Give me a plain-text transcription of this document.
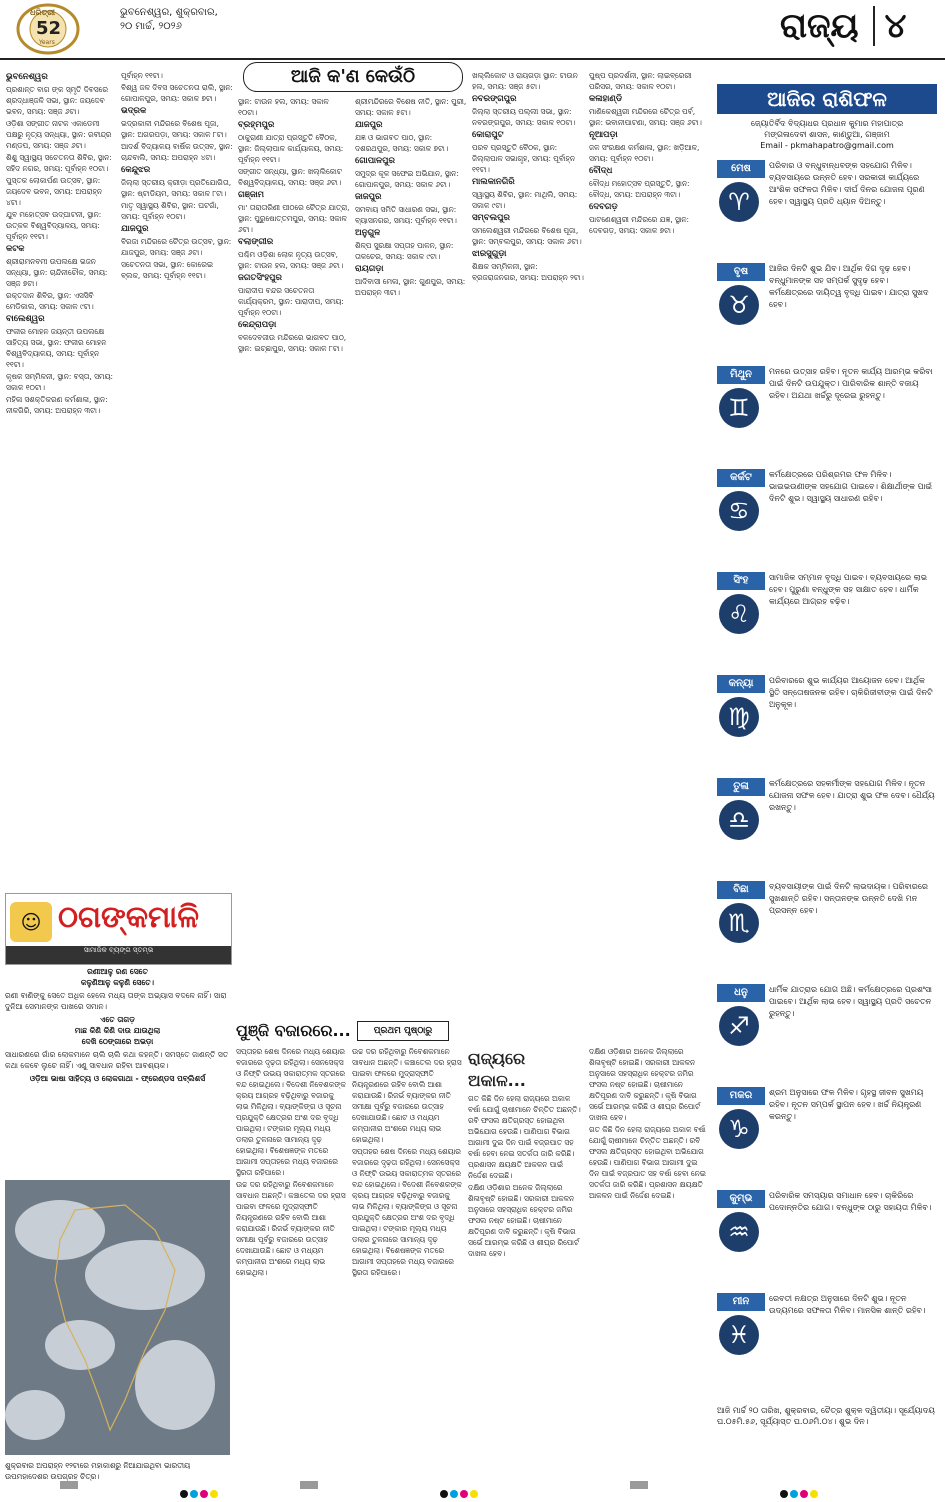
ଧରିତ୍ରୀ
52
Years
ଭୁବନେଶ୍ୱର, ଶୁକ୍ରବାର,
୨୦ ମାର୍ଚ୍ଚ, ୨୦୨୬	ରାଜ୍ୟ ୪
ଆଜି କ'ଣ କେଉଁଠି

ଭୁବନେଶ୍ୱର

ପ୍ରଶାନ୍ତ ବାଗ ଙ୍କ ସ୍ମୃତି ଦିବସରେ ଶ୍ରଦ୍ଧାଞ୍ଜଳି ସଭା, ସ୍ଥାନ: ଜୟଦେବ ଭବନ, ସମୟ: ସଞ୍ଜ ୬ଟା।

ଓଡ଼ିଶା ସଙ୍ଗୀତ ନାଟକ ଏକାଡେମୀ ପକ୍ଷରୁ ନୃତ୍ୟ ସନ୍ଧ୍ୟା, ସ୍ଥାନ: ରବୀନ୍ଦ୍ର ମଣ୍ଡପ, ସମୟ: ସଞ୍ଜ ୬ଟା।

ଶିଶୁ ସ୍ୱାସ୍ଥ୍ୟ ସଚେତନତା ଶିବିର, ସ୍ଥାନ: ସହିଦ ନଗର, ସମୟ: ପୂର୍ବାହ୍ନ ୧୦ଟା।

ପୁସ୍ତକ ଲୋକାର୍ପଣ ଉତ୍ସବ, ସ୍ଥାନ: ଜୟଦେବ ଭବନ, ସମୟ: ଅପରାହ୍ନ ୪ଟା।

ଯୁବ ମହୋତ୍ସବ ଉଦ୍‌ଘାଟନୀ, ସ୍ଥାନ: ଉତ୍କଳ ବିଶ୍ୱବିଦ୍ୟାଳୟ, ସମୟ: ପୂର୍ବାହ୍ନ ୧୧ଟା।

କଟକ

ଶ୍ରୀରାମନବମୀ ଉପଲକ୍ଷେ ଭଜନ ସନ୍ଧ୍ୟା, ସ୍ଥାନ: ଚାନ୍ଦିନୀଚୌକ, ସମୟ: ସଞ୍ଜ ୭ଟା।

ରକ୍ତଦାନ ଶିବିର, ସ୍ଥାନ: ଏସସିବି ମେଡିକାଲ, ସମୟ: ସକାଳ ୯ଟା।

ବାଲେଶ୍ୱର

ଫକୀର ମୋହନ ଜୟନ୍ତୀ ଉପଲକ୍ଷେ ସାହିତ୍ୟ ସଭା, ସ୍ଥାନ: ଫକୀର ମୋହନ ବିଶ୍ୱବିଦ୍ୟାଳୟ, ସମୟ: ପୂର୍ବାହ୍ନ ୧୧ଟା।

କୃଷକ ସମ୍ମିଳନୀ, ସ୍ଥାନ: ବସ୍ତା, ସମୟ: ସକାଳ ୧୦ଟା।

ମହିଳା ସଶକ୍ତିକରଣ କର୍ମଶାଳା, ସ୍ଥାନ: ନୀଳଗିରି, ସମୟ: ଅପରାହ୍ନ ୩ଟା।

ପୂର୍ବାହ୍ନ ୧୧ଟା।

ବିଶ୍ୱ ଜଳ ଦିବସ ସଚେତନତା ରାଲି, ସ୍ଥାନ: ଗୋପାଳପୁର, ସମୟ: ସକାଳ ୭ଟା।

ଭଦ୍ରକ

ଭଦ୍ରକାଳୀ ମନ୍ଦିରରେ ବିଶେଷ ପୂଜା, ସ୍ଥାନ: ଅଗରପଡ଼ା, ସମୟ: ସକାଳ ୮ଟା।

ଆଦର୍ଶ ବିଦ୍ୟାଳୟ ବାର୍ଷିକ ଉତ୍ସବ, ସ୍ଥାନ: ଚାନ୍ଦବାଲି, ସମୟ: ଅପରାହ୍ନ ୪ଟା।

କେନ୍ଦୁଝର

ଜିଲ୍ଲା ସ୍ତରୀୟ କ୍ରୀଡ଼ା ପ୍ରତିଯୋଗିତା, ସ୍ଥାନ: ଷ୍ଟାଡିୟମ, ସମୟ: ସକାଳ ୮ଟା।

ମାତୃ ସ୍ୱାସ୍ଥ୍ୟ ଶିବିର, ସ୍ଥାନ: ଘଟଗାଁ, ସମୟ: ପୂର୍ବାହ୍ନ ୧୦ଟା।

ଯାଜପୁର

ବିରଜା ମନ୍ଦିରରେ ଚୈତ୍ର ଉତ୍ସବ, ସ୍ଥାନ: ଯାଜପୁର, ସମୟ: ସଞ୍ଜ ୬ଟା।

ସଚେତନତା ସଭା, ସ୍ଥାନ: କୋରେଇ ବ୍ଲକ, ସମୟ: ପୂର୍ବାହ୍ନ ୧୧ଟା।

ସ୍ଥାନ: ଟାଉନ ହଲ, ସମୟ: ସକାଳ ୧୦ଟା।

ବ୍ରହ୍ମପୁର

ଠାକୁରାଣୀ ଯାତ୍ରା ପ୍ରସ୍ତୁତି ବୈଠକ, ସ୍ଥାନ: ଜିଲ୍ଲାପାଳ କାର୍ଯ୍ୟାଳୟ, ସମୟ: ପୂର୍ବାହ୍ନ ୧୧ଟା।

ସଙ୍ଗୀତ ସନ୍ଧ୍ୟା, ସ୍ଥାନ: ଖଲ୍ଲିକୋଟ ବିଶ୍ୱବିଦ୍ୟାଳୟ, ସମୟ: ସଞ୍ଜ ୬ଟା।

ଗଞ୍ଜାମ

ମା' ତାରାତାରିଣୀ ପୀଠରେ ଚୈତ୍ର ଯାତ୍ରା, ସ୍ଥାନ: ପୁରୁଷୋତ୍ତମପୁର, ସମୟ: ସକାଳ ୬ଟା।

ବଲାଙ୍ଗୀର

ପଶ୍ଚିମ ଓଡ଼ିଶା ଲୋକ ନୃତ୍ୟ ଉତ୍ସବ, ସ୍ଥାନ: ଟାଉନ ହଲ, ସମୟ: ସଞ୍ଜ ୬ଟା।

ଜଗତସିଂହପୁର

ପାରାଦୀପ ବନ୍ଦର ସଚେତନତା କାର୍ଯ୍ୟକ୍ରମ, ସ୍ଥାନ: ପାରାଦୀପ, ସମୟ: ପୂର୍ବାହ୍ନ ୧୦ଟା।

କେନ୍ଦ୍ରାପଡ଼ା

ବଳଦେବଜୀଉ ମନ୍ଦିରରେ ଭାଗବତ ପାଠ, ସ୍ଥାନ: ଇଚ୍ଛାପୁର, ସମୟ: ସକାଳ ୮ଟା।

ଶ୍ରୀମନ୍ଦିରରେ ବିଶେଷ ନୀତି, ସ୍ଥାନ: ପୁରୀ, ସମୟ: ସକାଳ ୫ଟା।

ଯାଜପୁର

ଯଜ୍ଞ ଓ ଭାଗବତ ପାଠ, ସ୍ଥାନ: ଦଶରଥପୁର, ସମୟ: ସକାଳ ୭ଟା।

ଗୋପାଳପୁର

ସମୁଦ୍ର କୂଳ ସଫେଇ ଅଭିଯାନ, ସ୍ଥାନ: ଗୋପାଳପୁର, ସମୟ: ସକାଳ ୬ଟା।

ଜାଜପୁର

ସମବାୟ ସମିତି ସାଧାରଣ ସଭା, ସ୍ଥାନ: ବ୍ୟାସନଗର, ସମୟ: ପୂର୍ବାହ୍ନ ୧୧ଟା।

ଅନୁଗୁଳ

ଶିଳ୍ପ ସୁରକ୍ଷା ସପ୍ତାହ ପାଳନ, ସ୍ଥାନ: ତାଳଚେର, ସମୟ: ସକାଳ ୯ଟା।

ରାୟଗଡ଼ା

ଆଦିବାସୀ ମେଳା, ସ୍ଥାନ: ଗୁଣପୁର, ସମୟ: ଅପରାହ୍ନ ୩ଟା।

ଖଲ୍ଲିକୋଟ ଓ ରାୟଗଡ଼ା ସ୍ଥାନ: ଟାଉନ ହଲ, ସମୟ: ସଞ୍ଜ ୫ଟା।

ନବରଙ୍ଗପୁର

ଜିଲ୍ଲା ସ୍ତରୀୟ ପଲ୍ଲୀ ସଭା, ସ୍ଥାନ: ନବରଙ୍ଗପୁର, ସମୟ: ସକାଳ ୧୦ଟା।

କୋରାପୁଟ

ପରବ ପ୍ରସ୍ତୁତି ବୈଠକ, ସ୍ଥାନ: ଜିଲ୍ଲାପାଳ ସଭାଗୃହ, ସମୟ: ପୂର୍ବାହ୍ନ ୧୧ଟା।

ମାଲକାନଗିରି

ସ୍ୱାସ୍ଥ୍ୟ ଶିବିର, ସ୍ଥାନ: ମାଥିଲି, ସମୟ: ସକାଳ ୯ଟା।

ସମ୍ବଲପୁର

ସମଲେଶ୍ୱରୀ ମନ୍ଦିରରେ ବିଶେଷ ପୂଜା, ସ୍ଥାନ: ସମ୍ବଲପୁର, ସମୟ: ସକାଳ ୬ଟା।

ଝାରସୁଗୁଡ଼ା

ଶିକ୍ଷକ ସମ୍ମିଳନୀ, ସ୍ଥାନ: ବ୍ରଜରାଜନଗର, ସମୟ: ଅପରାହ୍ନ ୨ଟା।

ପୁଷ୍ପ ପ୍ରଦର୍ଶନୀ, ସ୍ଥାନ: ଲାଇବ୍ରେରୀ ପରିସର, ସମୟ: ସକାଳ ୧୦ଟା।

କଳାହାଣ୍ଡି

ମାଣିକେଶ୍ୱରୀ ମନ୍ଦିରରେ ଚୈତ୍ର ପର୍ବ, ସ୍ଥାନ: ଭବାନୀପାଟଣା, ସମୟ: ସଞ୍ଜ ୬ଟା।

ନୂଆପଡ଼ା

ଜଳ ସଂରକ୍ଷଣ କର୍ମଶାଳା, ସ୍ଥାନ: ଖଡ଼ିଆଳ, ସମୟ: ପୂର୍ବାହ୍ନ ୧୦ଟା।

ବୌଦ୍ଧ

ବୌଦ୍ଧ ମହୋତ୍ସବ ପ୍ରସ୍ତୁତି, ସ୍ଥାନ: ବୌଦ୍ଧ, ସମୟ: ଅପରାହ୍ନ ୩ଟା।

ଦେବଗଡ଼

ପାଟଣେଶ୍ୱରୀ ମନ୍ଦିରରେ ଯଜ୍ଞ, ସ୍ଥାନ: ଦେବଗଡ଼, ସମୟ: ସକାଳ ୭ଟା।

ଆଜିର ରାଶିଫଳ
ଜ୍ୟୋତିର୍ବିଦ ବିଦ୍ୟାଧର ପ୍ରଧାନ କୁମାର ମହାପାତ୍ର
ମଙ୍ଗଳାଦେବୀ ଶାସନ, କାଣ୍ଡୁଆ, ଗଞ୍ଜାମ
Email - pkmahapatro@gmail.com
ମେଷ
♈
ପରିବାର ଓ ବନ୍ଧୁବାନ୍ଧବଙ୍କ ସହଯୋଗ ମିଳିବ। ବ୍ୟବସାୟରେ ଉନ୍ନତି ହେବ। ସରକାରୀ କାର୍ଯ୍ୟରେ ଆଂଶିକ ସଫଳତା ମିଳିବ। ଦୀର୍ଘ ଦିନର ଯୋଜନା ପୂରଣ ହେବ। ସ୍ୱାସ୍ଥ୍ୟ ପ୍ରତି ଧ୍ୟାନ ଦିଅନ୍ତୁ।
ବୃଷ
♉
ଆଜିର ଦିନଟି ଶୁଭ ଯିବ। ଆର୍ଥିକ ଦିଗ ଦୃଢ଼ ହେବ। ବନ୍ଧୁମାନଙ୍କ ସହ ସମ୍ପର୍କ ସୁଦୃଢ଼ ହେବ। କର୍ମକ୍ଷେତ୍ରରେ ଦାୟିତ୍ୱ ବୃଦ୍ଧି ପାଇବ। ଯାତ୍ରା ସୁଖଦ ହେବ।
ମିଥୁନ
♊
ମନରେ ଉତ୍ସାହ ରହିବ। ନୂତନ କାର୍ଯ୍ୟ ଆରମ୍ଭ କରିବା ପାଇଁ ଦିନଟି ଉପଯୁକ୍ତ। ପାରିବାରିକ ଶାନ୍ତି ବଜାୟ ରହିବ। ଅଯଥା ଖର୍ଚ୍ଚରୁ ଦୂରେଇ ରୁହନ୍ତୁ।
କର୍କଟ
♋
କର୍ମକ୍ଷେତ୍ରରେ ପରିଶ୍ରମର ଫଳ ମିଳିବ। ଭାଇଭଉଣୀଙ୍କ ସହଯୋଗ ପାଇବେ। ଶିକ୍ଷାର୍ଥୀଙ୍କ ପାଇଁ ଦିନଟି ଶୁଭ। ସ୍ୱାସ୍ଥ୍ୟ ସାଧାରଣ ରହିବ।
ସିଂହ
♌
ସାମାଜିକ ସମ୍ମାନ ବୃଦ୍ଧି ପାଇବ। ବ୍ୟବସାୟରେ ଲାଭ ହେବ। ପୁରୁଣା ବନ୍ଧୁଙ୍କ ସହ ସାକ୍ଷାତ ହେବ। ଧାର୍ମିକ କାର୍ଯ୍ୟରେ ଆଗ୍ରହ ବଢ଼ିବ।
କନ୍ୟା
♍
ପରିବାରରେ ଶୁଭ କାର୍ଯ୍ୟର ଆୟୋଜନ ହେବ। ଆର୍ଥିକ ସ୍ଥିତି ସନ୍ତୋଷଜନକ ରହିବ। ଚାକିରିଜୀବୀଙ୍କ ପାଇଁ ଦିନଟି ଅନୁକୂଳ।
ତୁଳା
♎
କର୍ମକ୍ଷେତ୍ରରେ ସହକର୍ମୀଙ୍କ ସହଯୋଗ ମିଳିବ। ନୂତନ ଯୋଜନା ସଫଳ ହେବ। ଯାତ୍ରା ଶୁଭ ଫଳ ଦେବ। ଧୈର୍ଯ୍ୟ ରଖନ୍ତୁ।
ବିଛା
♏
ବ୍ୟବସାୟୀଙ୍କ ପାଇଁ ଦିନଟି ଲାଭଦାୟକ। ପରିବାରରେ ସୁଖଶାନ୍ତି ରହିବ। ସନ୍ତାନଙ୍କ ଉନ୍ନତି ଦେଖି ମନ ପ୍ରସନ୍ନ ହେବ।
ଧନୁ
♐
ଧାର୍ମିକ ଯାତ୍ରାର ଯୋଗ ଅଛି। କର୍ମକ୍ଷେତ୍ରରେ ପ୍ରଶଂସା ପାଇବେ। ଆର୍ଥିକ ଲାଭ ହେବ। ସ୍ୱାସ୍ଥ୍ୟ ପ୍ରତି ସଚେତନ ରୁହନ୍ତୁ।
ମକର
♑
ଶ୍ରମ ଅନୁସାରେ ଫଳ ମିଳିବ। ଗୃହସ୍ଥ ଜୀବନ ସୁଖମୟ ରହିବ। ନୂତନ ସମ୍ପର୍କ ସ୍ଥାପନ ହେବ। ଖର୍ଚ୍ଚ ନିୟନ୍ତ୍ରଣ କରନ୍ତୁ।
କୁମ୍ଭ
♒
ପରିବାରିକ ସମସ୍ୟାର ସମାଧାନ ହେବ। ଚାକିରିରେ ପଦୋନ୍ନତିର ଯୋଗ। ବନ୍ଧୁଙ୍କ ଠାରୁ ସହାୟତା ମିଳିବ।
ମୀନ
♓
ରେବତୀ ନକ୍ଷତ୍ର ଅନୁସାରେ ଦିନଟି ଶୁଭ। ନୂତନ ଉଦ୍ୟମରେ ସଫଳତା ମିଳିବ। ମାନସିକ ଶାନ୍ତି ରହିବ।
ଆଜି ମାର୍ଚ୍ଚ ୨୦ ତାରିଖ, ଶୁକ୍ରବାର, ଚୈତ୍ର ଶୁକ୍ଳ ଦ୍ୱିତୀୟା। ସୂର୍ଯ୍ୟୋଦୟ ଘ.୦୫ମି.୫୬, ସୂର୍ଯ୍ୟାସ୍ତ ଘ.୦୬ମି.୦୪। ଶୁଭ ଦିନ।
☺ ଠଗଙ୍କମାଳି
ସାମାଜିକ ବ୍ୟଙ୍ଗ ସ୍ତମ୍ଭ
ରଣୀଆଳୁ ରଣ ସେତେ
କଳୁଣିଆଳୁ କଳୁଣି ସେତେ।
ରଣୀ ବାଣିଙ୍କୁ ସେତେ ଅଧିକ ହେଲେ ମଧ୍ୟ ତାଙ୍କ ଅଭ୍ୟାସ ବଦଳେ ନାହିଁ। ସାରା ଦୁନିଆ ସେମାନଙ୍କ ପାଖରେ ସମାନ।
ଏତେ ତାଗଡ଼
ମାଛ କିଣି କିଣି ଦାଉ ଯାଉଥିଲା
ଦେଖି ଠେଙ୍ଗାରେ ଅଭଡ଼ା
ସାଧାରଣରେ ଗାଁର ଲୋକମାନେ ଚାଲି ଚାଲି କଥା କହନ୍ତି। ସମସ୍ତେ ଜାଣନ୍ତି ସତ କଥା କେବେ ଲୁଚେ ନାହିଁ। ଏଣୁ ସାବଧାନ ରହିବା ଆବଶ୍ୟକ।
ଓଡ଼ିଆ ଭାଷା ସାହିତ୍ୟ ଓ ଲୋକଗାଥା - ଫ୍ରେଣ୍ଡସ ପବ୍ଲିଶର୍ସ
ଶୁକ୍ରବାର ଅପରାହ୍ନ ୧୨ଟାରେ ମହାକାଶରୁ ନିଆଯାଇଥିବା ଭାରତୀୟ ଉପମହାଦେଶର ଉପଗ୍ରହ ଚିତ୍ର।
ପୁଞ୍ଜି ବଜାରରେ...	ପ୍ରଥମ ପୃଷ୍ଠାରୁ

ସପ୍ତାହର ଶେଷ ଦିନରେ ମଧ୍ୟ ଶେୟାର ବଜାରରେ ଦୃଢ଼ତା ରହିଥିଲା। ସେନସେକ୍ସ ଓ ନିଫ୍‌ଟି ଉଭୟ ସକାରାତ୍ମକ ସ୍ତରରେ ବନ୍ଦ ହୋଇଥିଲେ। ବିଦେଶୀ ନିବେଶକଙ୍କ କ୍ରୟ ଆଗ୍ରହ ବଢ଼ିଥିବାରୁ ବଜାରକୁ ଲାଭ ମିଳିଥିଲା। ବ୍ୟାଙ୍କିଙ୍ଗ ଓ ସୂଚନା ପ୍ରଯୁକ୍ତି କ୍ଷେତ୍ରର ଅଂଶ ଦର ବୃଦ୍ଧି ପାଇଥିଲା। ଟଙ୍କାର ମୂଲ୍ୟ ମଧ୍ୟ ଡଲାର ତୁଳନାରେ ସାମାନ୍ୟ ଦୃଢ଼ ହୋଇଥିଲା। ବିଶେଷଜ୍ଞଙ୍କ ମତରେ ଆଗାମୀ ସପ୍ତାହରେ ମଧ୍ୟ ବଜାରରେ ସ୍ଥିରତା ରହିପାରେ।

ଉଚ୍ଚ ଦର ରହିଥିବାରୁ ନିବେଶକମାନେ ସାବଧାନ ଅଛନ୍ତି। କଞ୍ଚାତେଲ ଦର ହ୍ରାସ ପାଇବା ଫଳରେ ମୁଦ୍ରାସ୍ଫୀତି ନିୟନ୍ତ୍ରଣରେ ରହିବ ବୋଲି ଆଶା କରାଯାଉଛି। ରିଜର୍ଭ ବ୍ୟାଙ୍କର ନୀତି ସମୀକ୍ଷା ପୂର୍ବରୁ ବଜାରରେ ଉତ୍ସାହ ଦେଖାଯାଉଛି। ଛୋଟ ଓ ମଧ୍ୟମ କମ୍ପାନୀର ଅଂଶରେ ମଧ୍ୟ ଲାଭ ହୋଇଥିଲା।

ଉଚ୍ଚ ଦର ରହିଥିବାରୁ ନିବେଶକମାନେ ସାବଧାନ ଅଛନ୍ତି। କଞ୍ଚାତେଲ ଦର ହ୍ରାସ ପାଇବା ଫଳରେ ମୁଦ୍ରାସ୍ଫୀତି ନିୟନ୍ତ୍ରଣରେ ରହିବ ବୋଲି ଆଶା କରାଯାଉଛି। ରିଜର୍ଭ ବ୍ୟାଙ୍କର ନୀତି ସମୀକ୍ଷା ପୂର୍ବରୁ ବଜାରରେ ଉତ୍ସାହ ଦେଖାଯାଉଛି। ଛୋଟ ଓ ମଧ୍ୟମ କମ୍ପାନୀର ଅଂଶରେ ମଧ୍ୟ ଲାଭ ହୋଇଥିଲା।

ସପ୍ତାହର ଶେଷ ଦିନରେ ମଧ୍ୟ ଶେୟାର ବଜାରରେ ଦୃଢ଼ତା ରହିଥିଲା। ସେନସେକ୍ସ ଓ ନିଫ୍‌ଟି ଉଭୟ ସକାରାତ୍ମକ ସ୍ତରରେ ବନ୍ଦ ହୋଇଥିଲେ। ବିଦେଶୀ ନିବେଶକଙ୍କ କ୍ରୟ ଆଗ୍ରହ ବଢ଼ିଥିବାରୁ ବଜାରକୁ ଲାଭ ମିଳିଥିଲା। ବ୍ୟାଙ୍କିଙ୍ଗ ଓ ସୂଚନା ପ୍ରଯୁକ୍ତି କ୍ଷେତ୍ରର ଅଂଶ ଦର ବୃଦ୍ଧି ପାଇଥିଲା। ଟଙ୍କାର ମୂଲ୍ୟ ମଧ୍ୟ ଡଲାର ତୁଳନାରେ ସାମାନ୍ୟ ଦୃଢ଼ ହୋଇଥିଲା। ବିଶେଷଜ୍ଞଙ୍କ ମତରେ ଆଗାମୀ ସପ୍ତାହରେ ମଧ୍ୟ ବଜାରରେ ସ୍ଥିରତା ରହିପାରେ।

ରାଜ୍ୟରେ ଅକାଳ...

ଗତ କିଛି ଦିନ ହେଲା ରାଜ୍ୟରେ ଅକାଳ ବର୍ଷା ଯୋଗୁଁ ଚାଷୀମାନେ ଚିନ୍ତିତ ଅଛନ୍ତି। ରବି ଫସଲ କ୍ଷତିଗ୍ରସ୍ତ ହୋଇଥିବା ଅଭିଯୋଗ ହେଉଛି। ପାଣିପାଗ ବିଭାଗ ଆଗାମୀ ଦୁଇ ଦିନ ପାଇଁ ବଜ୍ରପାତ ସହ ବର୍ଷା ହେବା ନେଇ ସତର୍କତା ଜାରି କରିଛି। ପ୍ରଶାସନ କ୍ଷୟକ୍ଷତି ଆକଳନ ପାଇଁ ନିର୍ଦ୍ଦେଶ ଦେଇଛି।

ଦକ୍ଷିଣ ଓଡ଼ିଶାର ଅନେକ ଜିଲ୍ଲାରେ ଶିଳାବୃଷ୍ଟି ହୋଇଛି। ସରକାରୀ ଆକଳନ ଅନୁସାରେ ସହସ୍ରାଧିକ ହେକ୍ଟର ଜମିର ଫସଲ ନଷ୍ଟ ହୋଇଛି। ଚାଷୀମାନେ କ୍ଷତିପୂରଣ ଦାବି କରୁଛନ୍ତି। କୃଷି ବିଭାଗ ସର୍ଭେ ଆରମ୍ଭ କରିଛି ଓ ଶୀଘ୍ର ରିପୋର୍ଟ ଦାଖଲ ହେବ।

ଦକ୍ଷିଣ ଓଡ଼ିଶାର ଅନେକ ଜିଲ୍ଲାରେ ଶିଳାବୃଷ୍ଟି ହୋଇଛି। ସରକାରୀ ଆକଳନ ଅନୁସାରେ ସହସ୍ରାଧିକ ହେକ୍ଟର ଜମିର ଫସଲ ନଷ୍ଟ ହୋଇଛି। ଚାଷୀମାନେ କ୍ଷତିପୂରଣ ଦାବି କରୁଛନ୍ତି। କୃଷି ବିଭାଗ ସର୍ଭେ ଆରମ୍ଭ କରିଛି ଓ ଶୀଘ୍ର ରିପୋର୍ଟ ଦାଖଲ ହେବ।

ଗତ କିଛି ଦିନ ହେଲା ରାଜ୍ୟରେ ଅକାଳ ବର୍ଷା ଯୋଗୁଁ ଚାଷୀମାନେ ଚିନ୍ତିତ ଅଛନ୍ତି। ରବି ଫସଲ କ୍ଷତିଗ୍ରସ୍ତ ହୋଇଥିବା ଅଭିଯୋଗ ହେଉଛି। ପାଣିପାଗ ବିଭାଗ ଆଗାମୀ ଦୁଇ ଦିନ ପାଇଁ ବଜ୍ରପାତ ସହ ବର୍ଷା ହେବା ନେଇ ସତର୍କତା ଜାରି କରିଛି। ପ୍ରଶାସନ କ୍ଷୟକ୍ଷତି ଆକଳନ ପାଇଁ ନିର୍ଦ୍ଦେଶ ଦେଇଛି।
